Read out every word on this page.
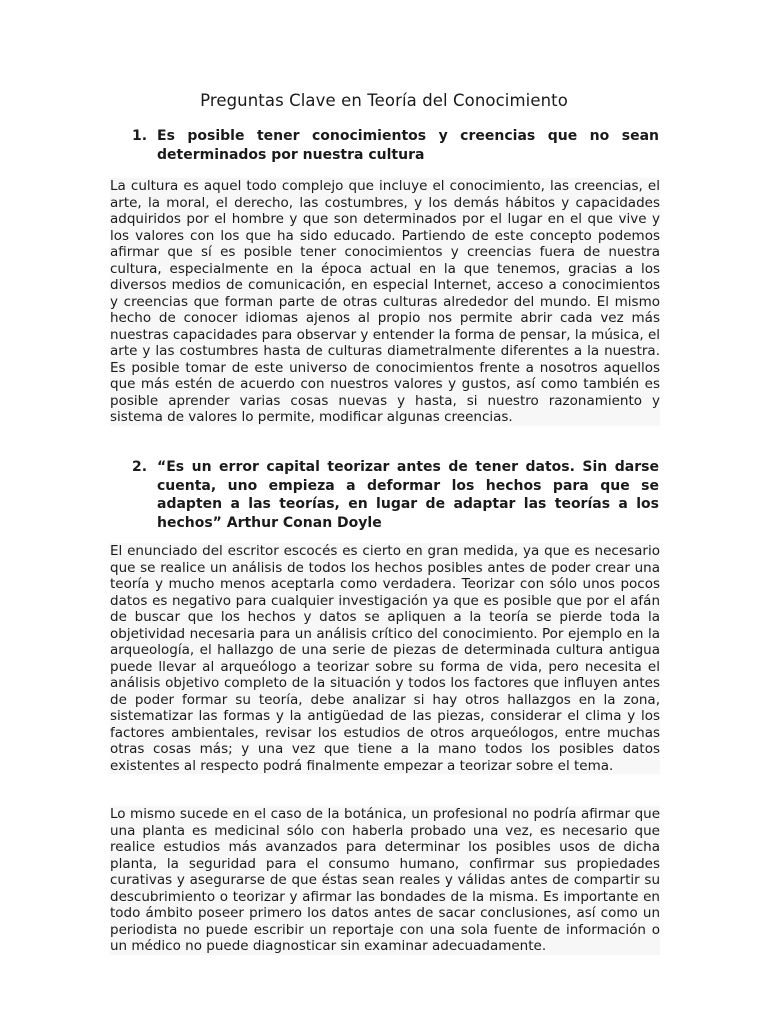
Preguntas Clave en Teoría del Conocimiento
1. Es posible tener conocimientos y creencias que no sean determinados por nuestra cultura

La cultura es aquel todo complejo que incluye el conocimiento, las creencias, el arte, la moral, el derecho, las costumbres, y los demás hábitos y capacidades adquiridos por el hombre y que son determinados por el lugar en el que vive y los valores con los que ha sido educado. Partiendo de este concepto podemos afirmar que sí es posible tener conocimientos y creencias fuera de nuestra cultura, especialmente en la época actual en la que tenemos, gracias a los diversos medios de comunicación, en especial Internet, acceso a conocimientos y creencias que forman parte de otras culturas alrededor del mundo. El mismo hecho de conocer idiomas ajenos al propio nos permite abrir cada vez más nuestras capacidades para observar y entender la forma de pensar, la música, el arte y las costumbres hasta de culturas diametralmente diferentes a la nuestra. Es posible tomar de este universo de conocimientos frente a nosotros aquellos que más estén de acuerdo con nuestros valores y gustos, así como también es posible aprender varias cosas nuevas y hasta, si nuestro razonamiento y sistema de valores lo permite, modificar algunas creencias.

2. “Es un error capital teorizar antes de tener datos. Sin darse cuenta, uno empieza a deformar los hechos para que se adapten a las teorías, en lugar de adaptar las teorías a los hechos” Arthur Conan Doyle

El enunciado del escritor escocés es cierto en gran medida, ya que es necesario que se realice un análisis de todos los hechos posibles antes de poder crear una teoría y mucho menos aceptarla como verdadera. Teorizar con sólo unos pocos datos es negativo para cualquier investigación ya que es posible que por el afán de buscar que los hechos y datos se apliquen a la teoría se pierde toda la objetividad necesaria para un análisis crítico del conocimiento. Por ejemplo en la arqueología, el hallazgo de una serie de piezas de determinada cultura antigua puede llevar al arqueólogo a teorizar sobre su forma de vida, pero necesita el análisis objetivo completo de la situación y todos los factores que influyen antes de poder formar su teoría, debe analizar si hay otros hallazgos en la zona, sistematizar las formas y la antigüedad de las piezas, considerar el clima y los factores ambientales, revisar los estudios de otros arqueólogos, entre muchas otras cosas más; y una vez que tiene a la mano todos los posibles datos existentes al respecto podrá finalmente empezar a teorizar sobre el tema.

Lo mismo sucede en el caso de la botánica, un profesional no podría afirmar que una planta es medicinal sólo con haberla probado una vez, es necesario que realice estudios más avanzados para determinar los posibles usos de dicha planta, la seguridad para el consumo humano, confirmar sus propiedades curativas y asegurarse de que éstas sean reales y válidas antes de compartir su descubrimiento o teorizar y afirmar las bondades de la misma. Es importante en todo ámbito poseer primero los datos antes de sacar conclusiones, así como un periodista no puede escribir un reportaje con una sola fuente de información o un médico no puede diagnosticar sin examinar adecuadamente.
